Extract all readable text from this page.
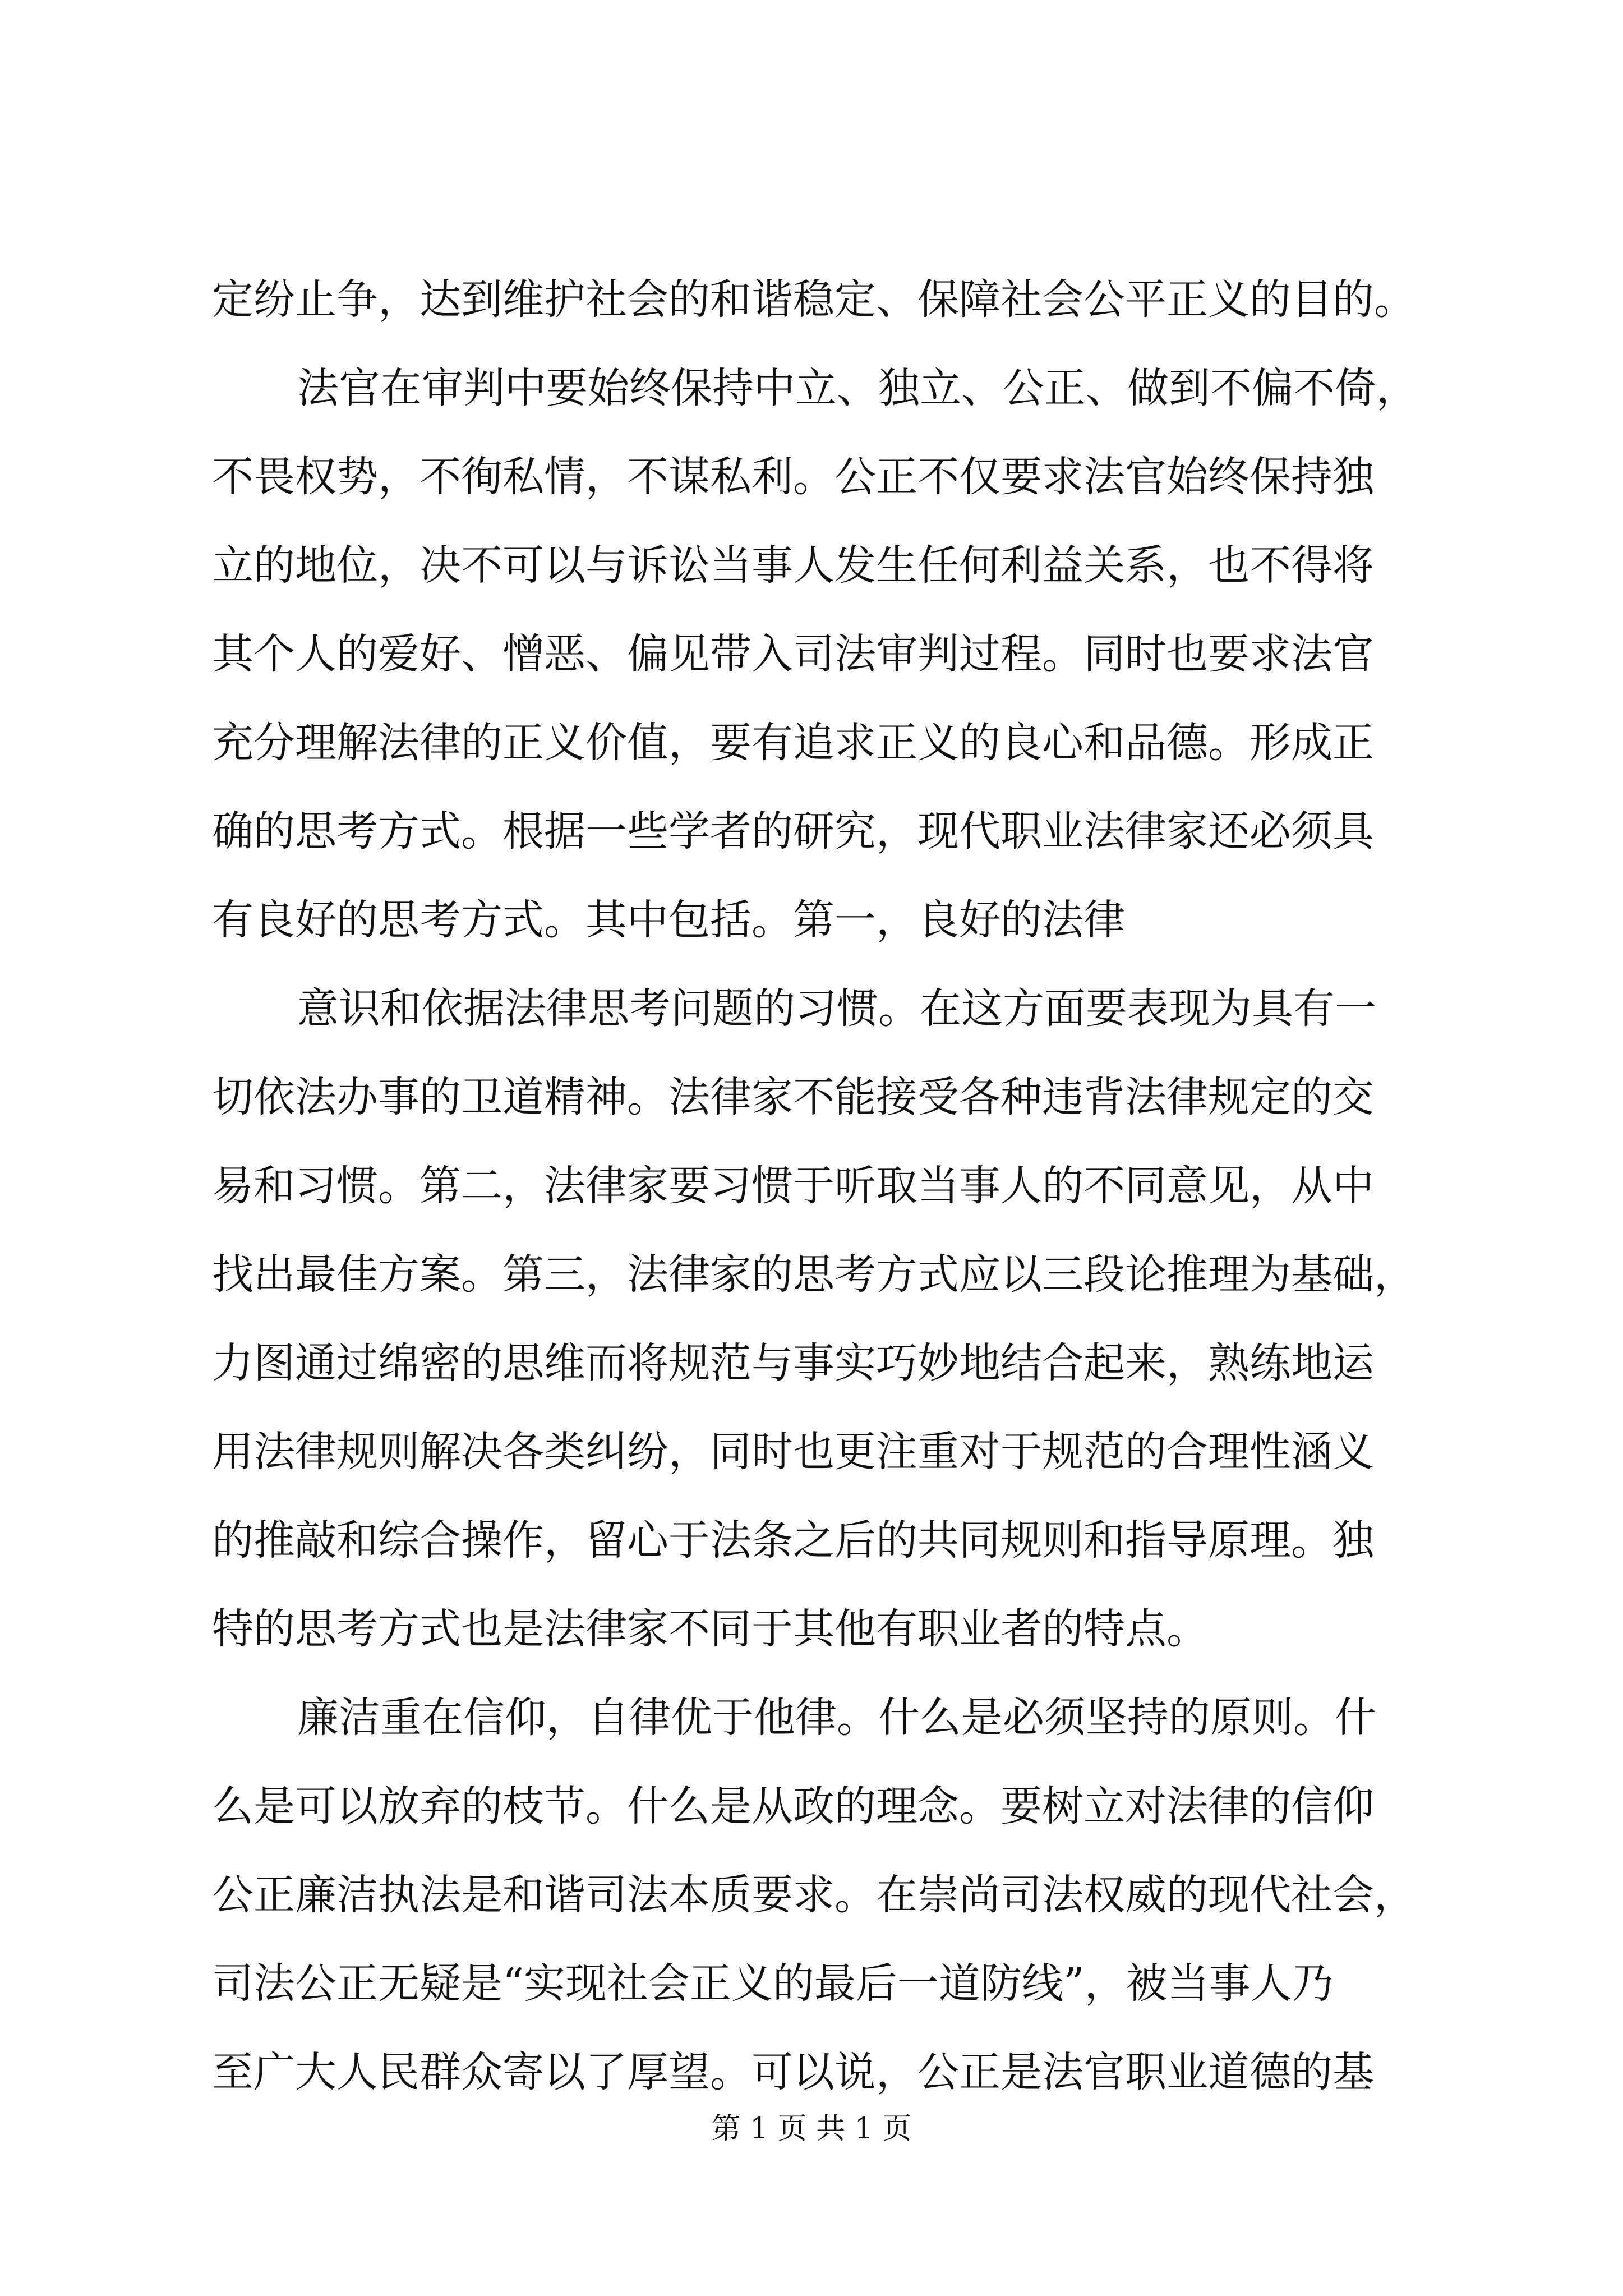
定纷止争，达到维护社会的和谐稳定、保障社会公平正义的目的。
法官在审判中要始终保持中立、独立、公正、做到不偏不倚，
不畏权势，不徇私情，不谋私利。公正不仅要求法官始终保持独
立的地位，决不可以与诉讼当事人发生任何利益关系，也不得将
其个人的爱好、憎恶、偏见带入司法审判过程。同时也要求法官
充分理解法律的正义价值，要有追求正义的良心和品德。形成正
确的思考方式。根据一些学者的研究，现代职业法律家还必须具
有良好的思考方式。其中包括。第一，良好的法律
意识和依据法律思考问题的习惯。在这方面要表现为具有一
切依法办事的卫道精神。法律家不能接受各种违背法律规定的交
易和习惯。第二，法律家要习惯于听取当事人的不同意见，从中
找出最佳方案。第三，法律家的思考方式应以三段论推理为基础，
力图通过绵密的思维而将规范与事实巧妙地结合起来，熟练地运
用法律规则解决各类纠纷，同时也更注重对于规范的合理性涵义
的推敲和综合操作，留心于法条之后的共同规则和指导原理。独
特的思考方式也是法律家不同于其他有职业者的特点。
廉洁重在信仰，自律优于他律。什么是必须坚持的原则。什
么是可以放弃的枝节。什么是从政的理念。要树立对法律的信仰
公正廉洁执法是和谐司法本质要求。在崇尚司法权威的现代社会，
司法公正无疑是“实现社会正义的最后一道防线”，被当事人乃
至广大人民群众寄以了厚望。可以说，公正是法官职业道德的基
第 1 页 共 1 页
